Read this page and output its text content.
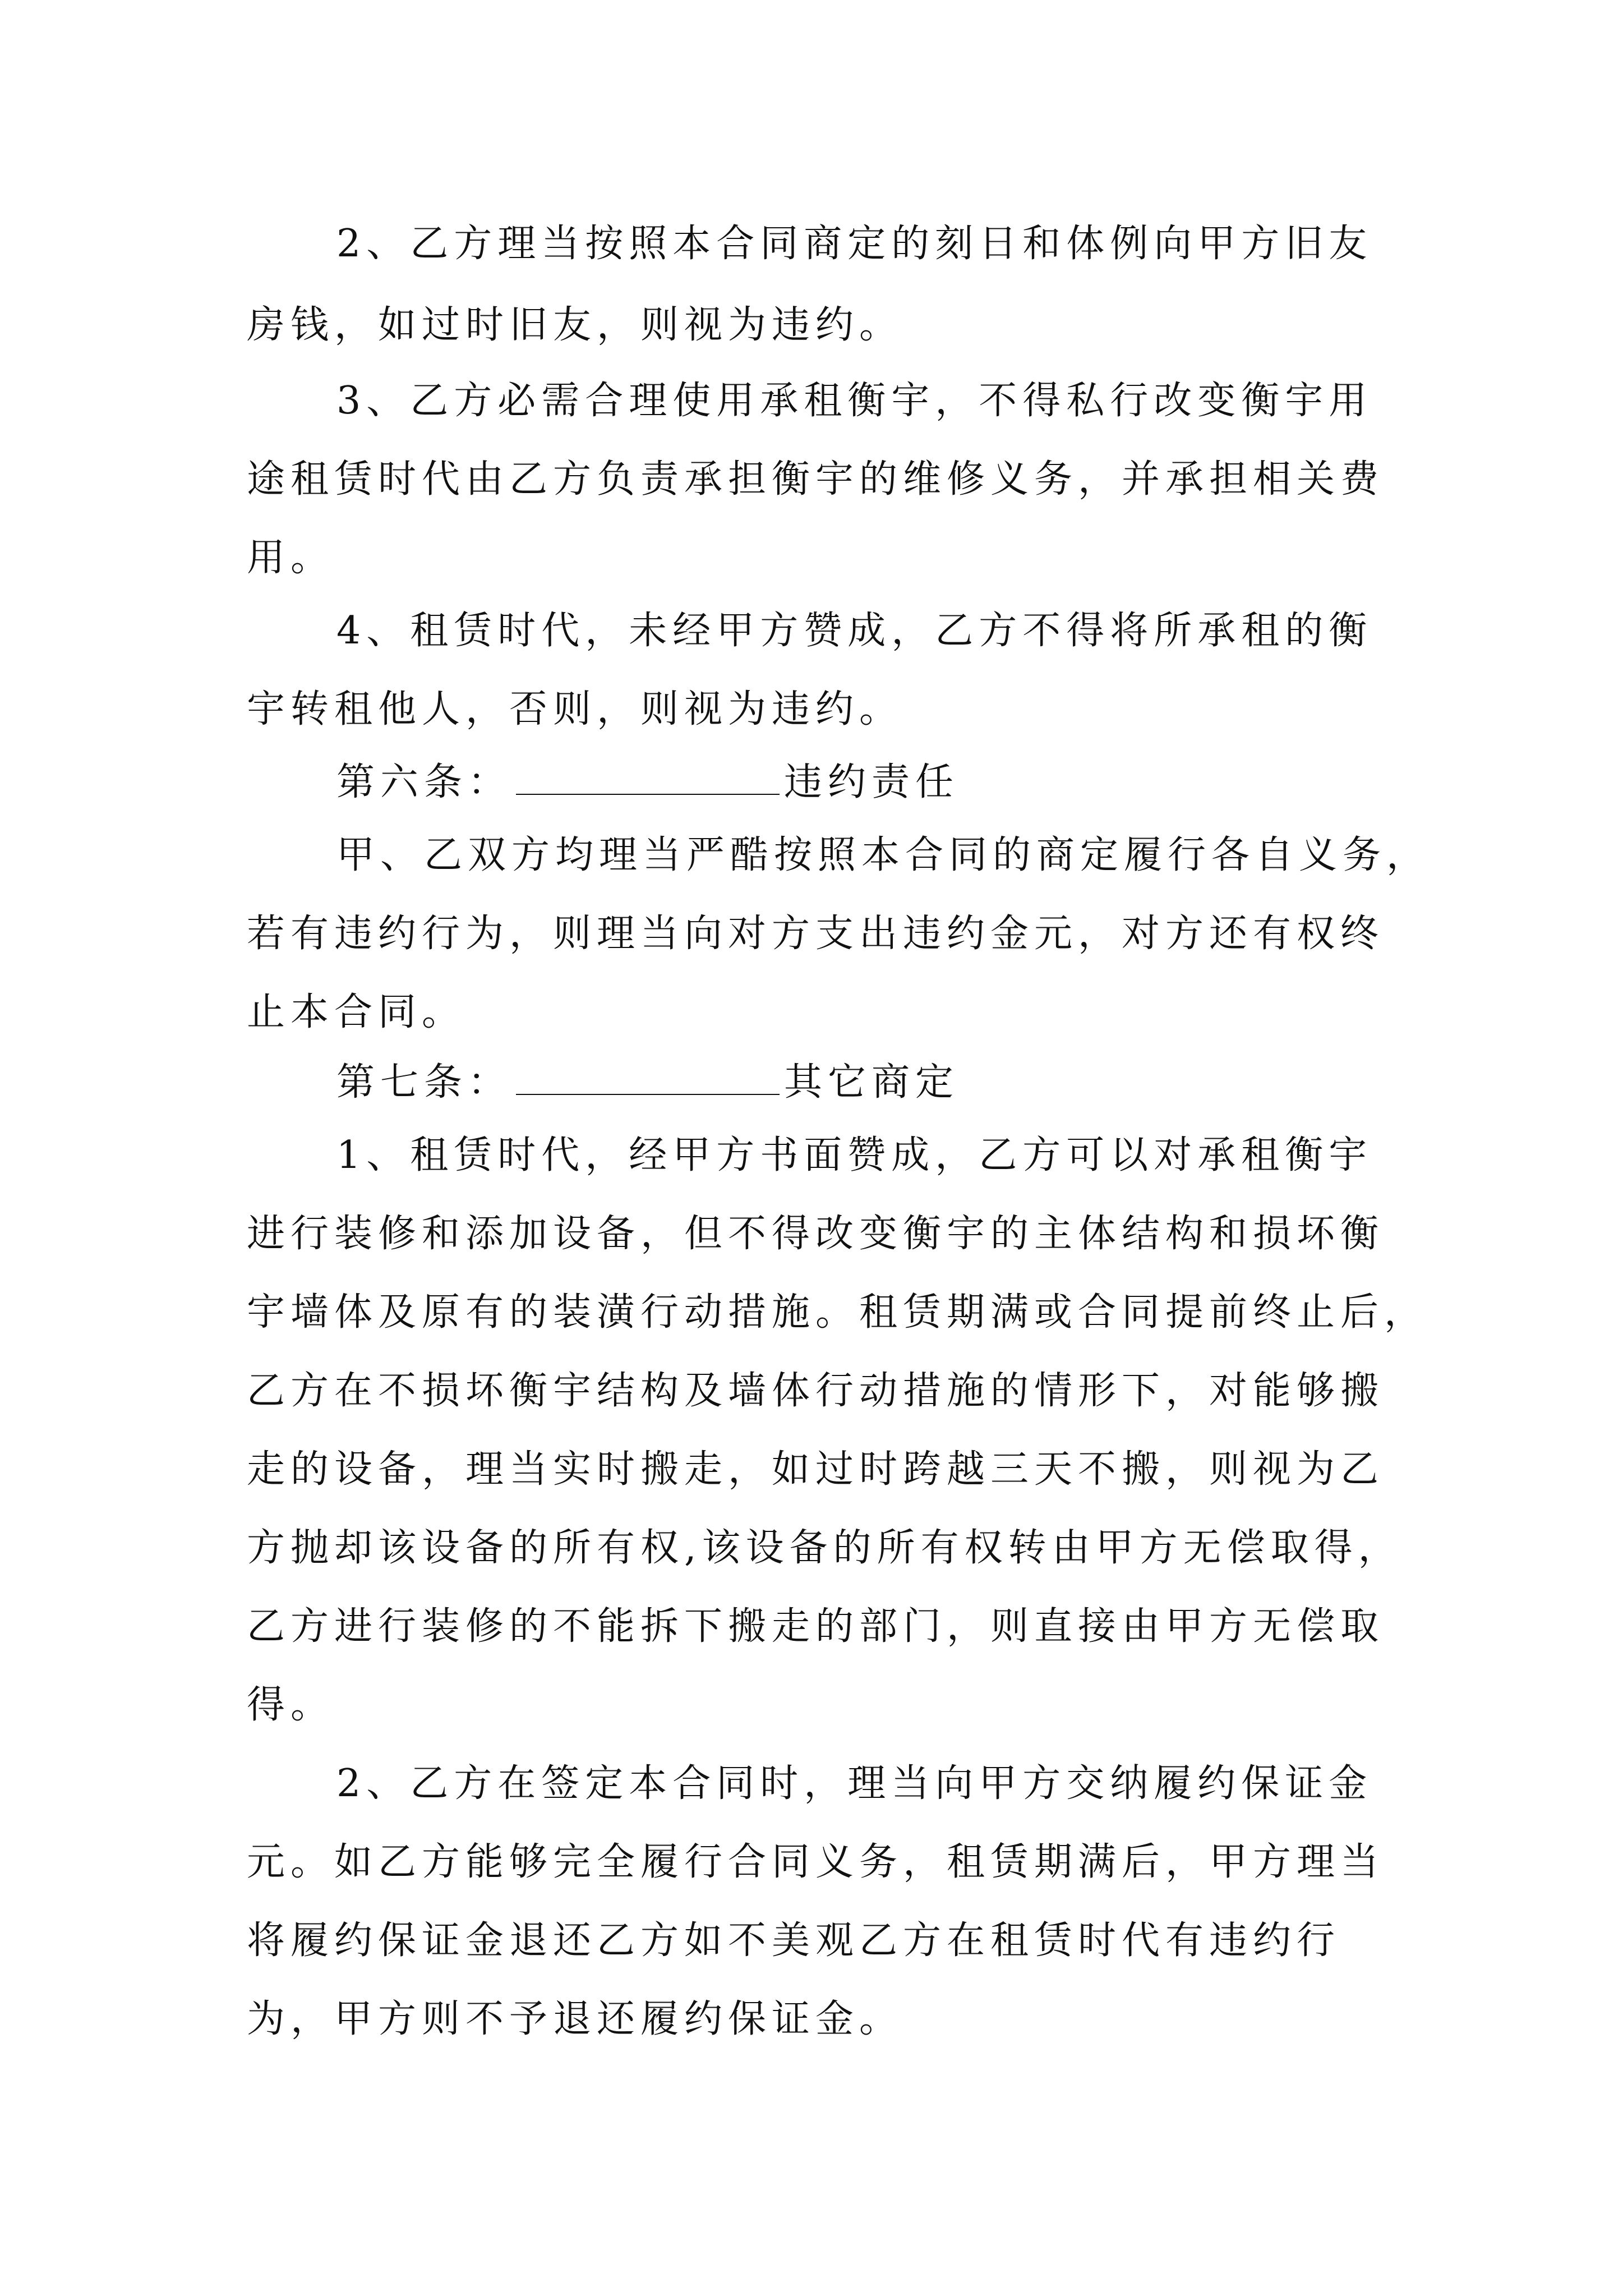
2、乙方理当按照本合同商定的刻日和体例向甲方旧友
房钱，如过时旧友，则视为违约。
3、乙方必需合理使用承租衡宇，不得私行改变衡宇用
途租赁时代由乙方负责承担衡宇的维修义务，并承担相关费
用。
4、租赁时代，未经甲方赞成，乙方不得将所承租的衡
宇转租他人，否则，则视为违约。
第六条：	违约责任
甲、乙双方均理当严酷按照本合同的商定履行各自义务，
若有违约行为，则理当向对方支出违约金元，对方还有权终
止本合同。
第七条：	其它商定
1、租赁时代，经甲方书面赞成，乙方可以对承租衡宇
进行装修和添加设备，但不得改变衡宇的主体结构和损坏衡
宇墙体及原有的装潢行动措施。租赁期满或合同提前终止后，
乙方在不损坏衡宇结构及墙体行动措施的情形下，对能够搬
走的设备，理当实时搬走，如过时跨越三天不搬，则视为乙
方抛却该设备的所有权,该设备的所有权转由甲方无偿取得，
乙方进行装修的不能拆下搬走的部门，则直接由甲方无偿取
得。
2、乙方在签定本合同时，理当向甲方交纳履约保证金
元。如乙方能够完全履行合同义务，租赁期满后，甲方理当
将履约保证金退还乙方如不美观乙方在租赁时代有违约行
为，甲方则不予退还履约保证金。
